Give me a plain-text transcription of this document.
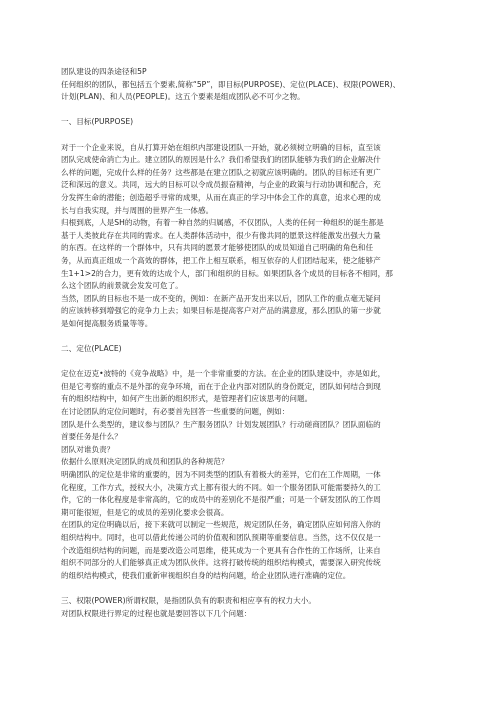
团队建设的四条途径和5P

任何组织的团队，都包括五个要素,简称“5P”，即目标(PURPOSE)、定位(PLACE)、权限(POWER)、

计划(PLAN)、和人员(PEOPLE)。这五个要素是组成团队必不可少之物。

一、目标(PURPOSE)

对于一个企业来说，自从打算开始在组织内部建设团队一开始，就必须树立明确的目标，直至该

团队完成使命消亡为止。建立团队的原因是什么？我们希望我们的团队能够为我们的企业解决什

么样的问题，完成什么样的任务？这些都是在建立团队之初就应该明确的。团队的目标还有更广

泛和深远的意义。共同，远大的目标可以令成员振奋精神，与企业的政策与行动协调和配合，充

分发挥生命的潜能；创造超乎寻常的成果，从而在真正的学习中体会工作的真意，追求心理的成

长与自我实现，并与周围的世界产生一体感。

归根到底，人是SH的动物，有着一种自然的归属感，不仅团队，人类的任何一种组织的诞生都是

基于人类彼此存在共同的需求。在人类群体活动中，很少有像共同的愿景这样能激发出强大力量

的东西。在这样的一个群体中，只有共同的愿景才能够使团队的成员知道自己明确的角色和任

务，从而真正组成一个高效的群体，把工作上相互联系，相互依存的人们团结起来，使之能够产

生1+1>2的合力，更有效的达成个人，部门和组织的目标。如果团队各个成员的目标各不相同，那

么这个团队的前景就会发发可危了。

当然，团队的目标也不是一成不变的，例如：在新产品开发出来以后，团队工作的重点毫无疑问

的应该转移到增强它的竞争力上去；如果目标是提高客户对产品的满意度，那么团队的第一步就

是如何提高服务质量等等。

二、定位(PLACE)

定位在迈克•波特的《竞争战略》中，是一个非常重要的方法。在企业的团队建设中，亦是如此，

但是它考察的重点不是外部的竞争环境，而在于企业内部对团队的身份既定，团队如何结合到现

有的组织结构中，如何产生出新的组织形式，是管理者们应该思考的问题。

在讨论团队的定位问题时，有必要首先回答一些重要的问题，例如：

团队是什么类型的，建议参与团队？生产服务团队？计划发展团队？行动磋商团队？团队面临的

首要任务是什么？

团队对谁负责？

依据什么原则决定团队的成员和团队的各种规范？

明确团队的定位是非常的重要的，因为不同类型的团队有着极大的差异，它们在工作周期，一体

化程度，工作方式，授权大小，决策方式上都有很大的不同。如一个服务团队可能需要持久的工

作，它的一体化程度是非常高的，它的成员中的差别化不是很严重；可是一个研发团队的工作周

期可能很短，但是它的成员的差别化要求会很高。

在团队的定位明确以后，接下来就可以制定一些规范，规定团队任务，确定团队应如何溶入你的

组织结构中。同时，也可以借此传递公司的价值观和团队预期等重要信息。当然，这不仅仅是一

个改造组织结构的问题，而是要改造公司思维，使其成为一个更具有合作性的工作场所，让来自

组织不同部分的人们能够真正成为团队伙伴。这将打破传统的组织结构模式，需要深入研究传统

的组织结构模式，使我们重新审视组织自身的结构问题，给企业团队进行准确的定位。

三、权限(POWER)所谓权限，是指团队负有的职责和相应享有的权力大小。

对团队权限进行界定的过程也就是要回答以下几个问题：
